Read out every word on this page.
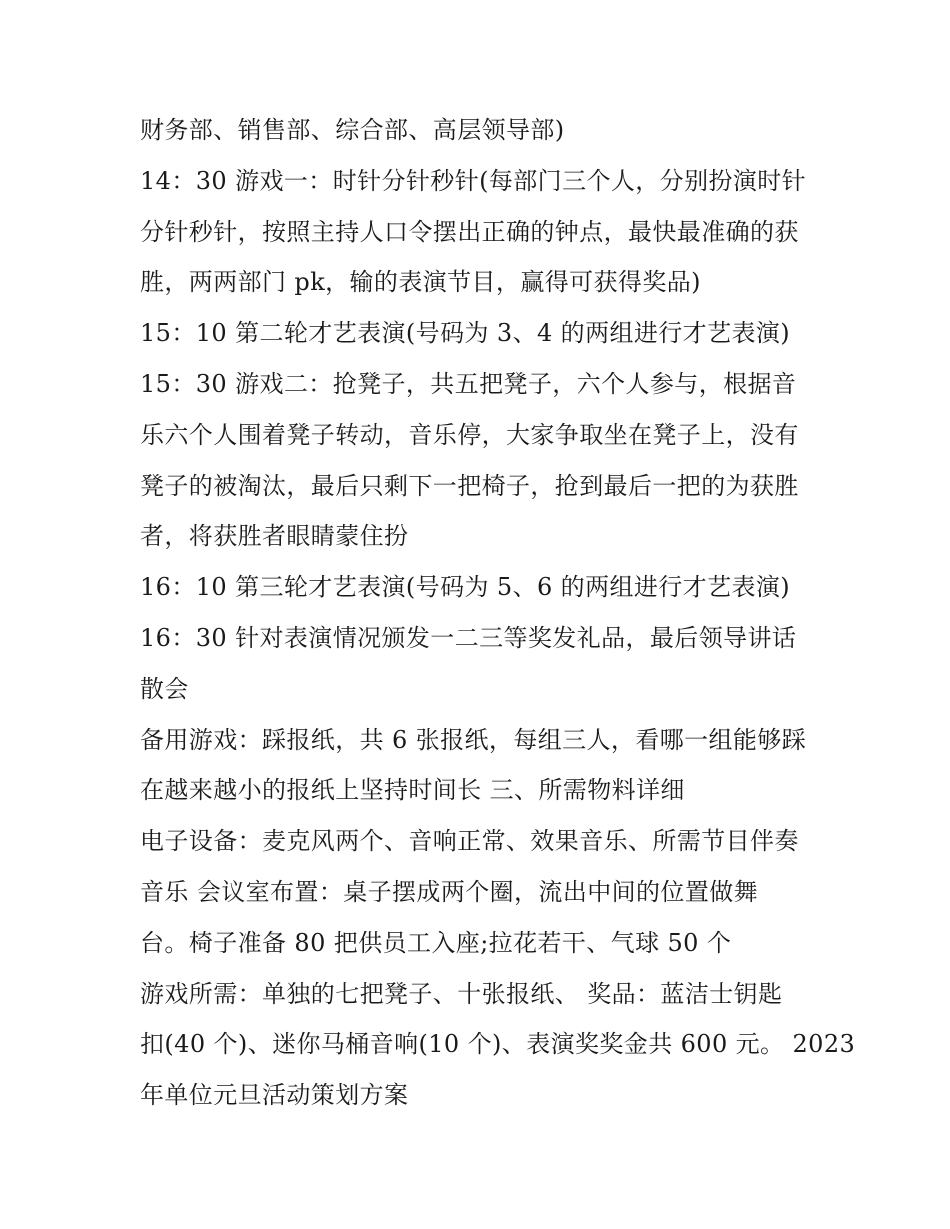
财务部、销售部、综合部、高层领导部)
14：30 游戏一：时针分针秒针(每部门三个人，分别扮演时针
分针秒针，按照主持人口令摆出正确的钟点，最快最准确的获
胜，两两部门 pk，输的表演节目，赢得可获得奖品)
15：10 第二轮才艺表演(号码为 3、4 的两组进行才艺表演)
15：30 游戏二：抢凳子，共五把凳子，六个人参与，根据音
乐六个人围着凳子转动，音乐停，大家争取坐在凳子上，没有
凳子的被淘汰，最后只剩下一把椅子，抢到最后一把的为获胜
者，将获胜者眼睛蒙住扮
16：10 第三轮才艺表演(号码为 5、6 的两组进行才艺表演)
16：30 针对表演情况颁发一二三等奖发礼品，最后领导讲话
散会
备用游戏：踩报纸，共 6 张报纸，每组三人，看哪一组能够踩
在越来越小的报纸上坚持时间长 三、所需物料详细
电子设备：麦克风两个、音响正常、效果音乐、所需节目伴奏
音乐 会议室布置：桌子摆成两个圈，流出中间的位置做舞
台。椅子准备 80 把供员工入座;拉花若干、气球 50 个
游戏所需：单独的七把凳子、十张报纸、 奖品：蓝洁士钥匙
扣(40 个)、迷你马桶音响(10 个)、表演奖奖金共 600 元。 2023
年单位元旦活动策划方案
